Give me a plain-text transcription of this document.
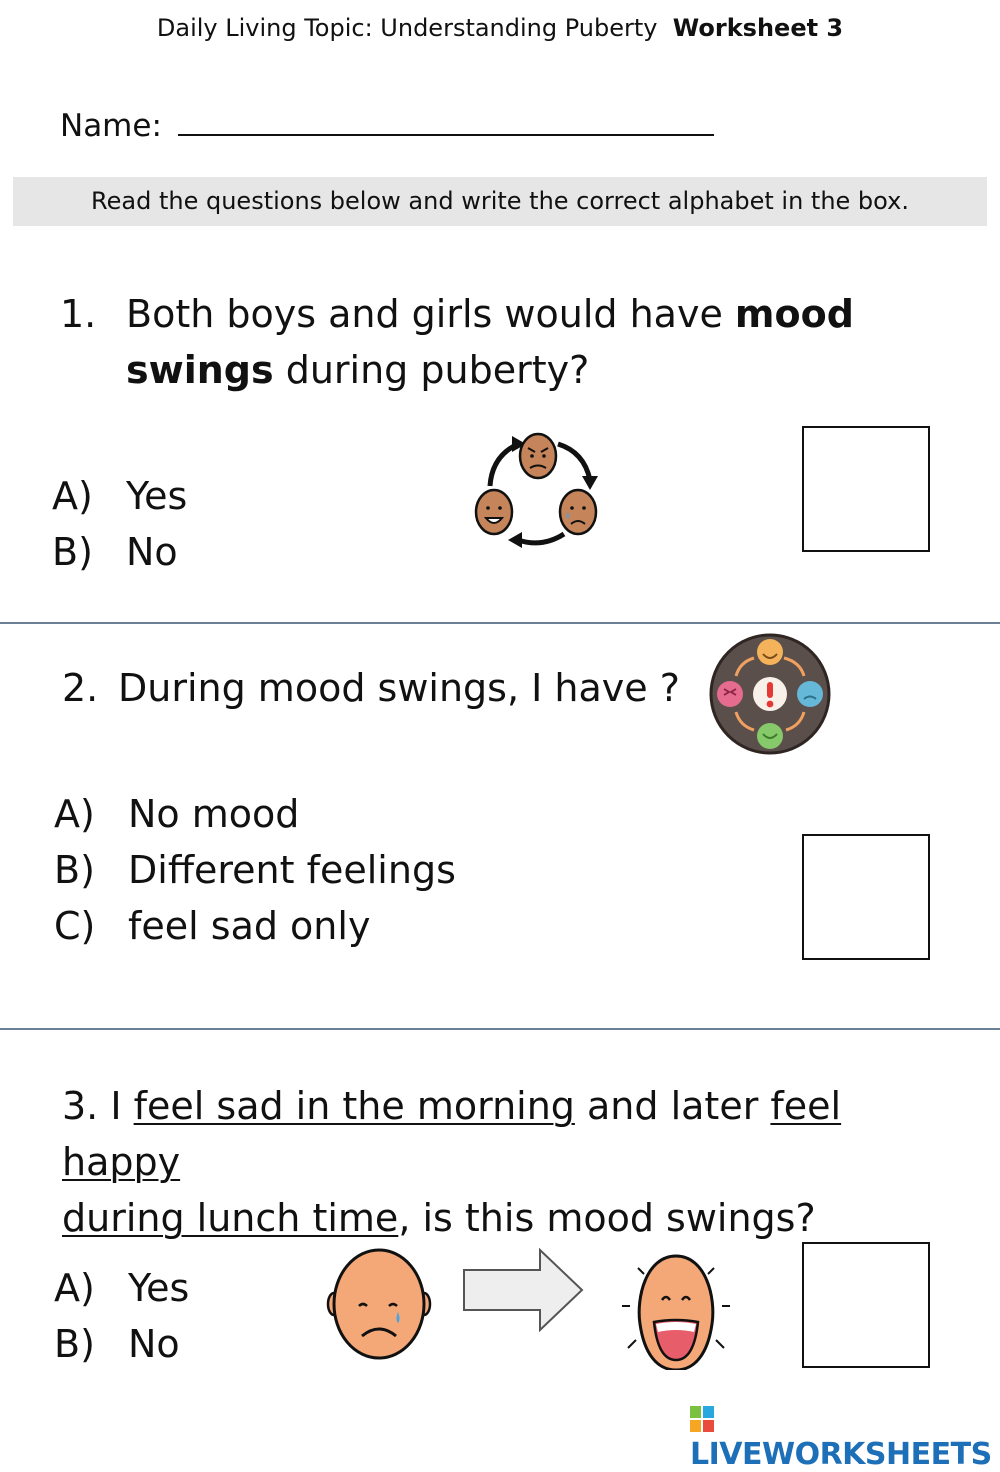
Daily Living Topic: Understanding Puberty Worksheet 3
Name:
Read the questions below and write the correct alphabet in the box.
1. Both boys and girls would have mood
swings during puberty?
A) Yes
B) No
2. During mood swings, I have ?
A) No mood
B) Different feelings
C) feel sad only
3. I feel sad in the morning and later feel happy
during lunch time, is this mood swings?
A) Yes
B) No
LIVEWORKSHEETS
